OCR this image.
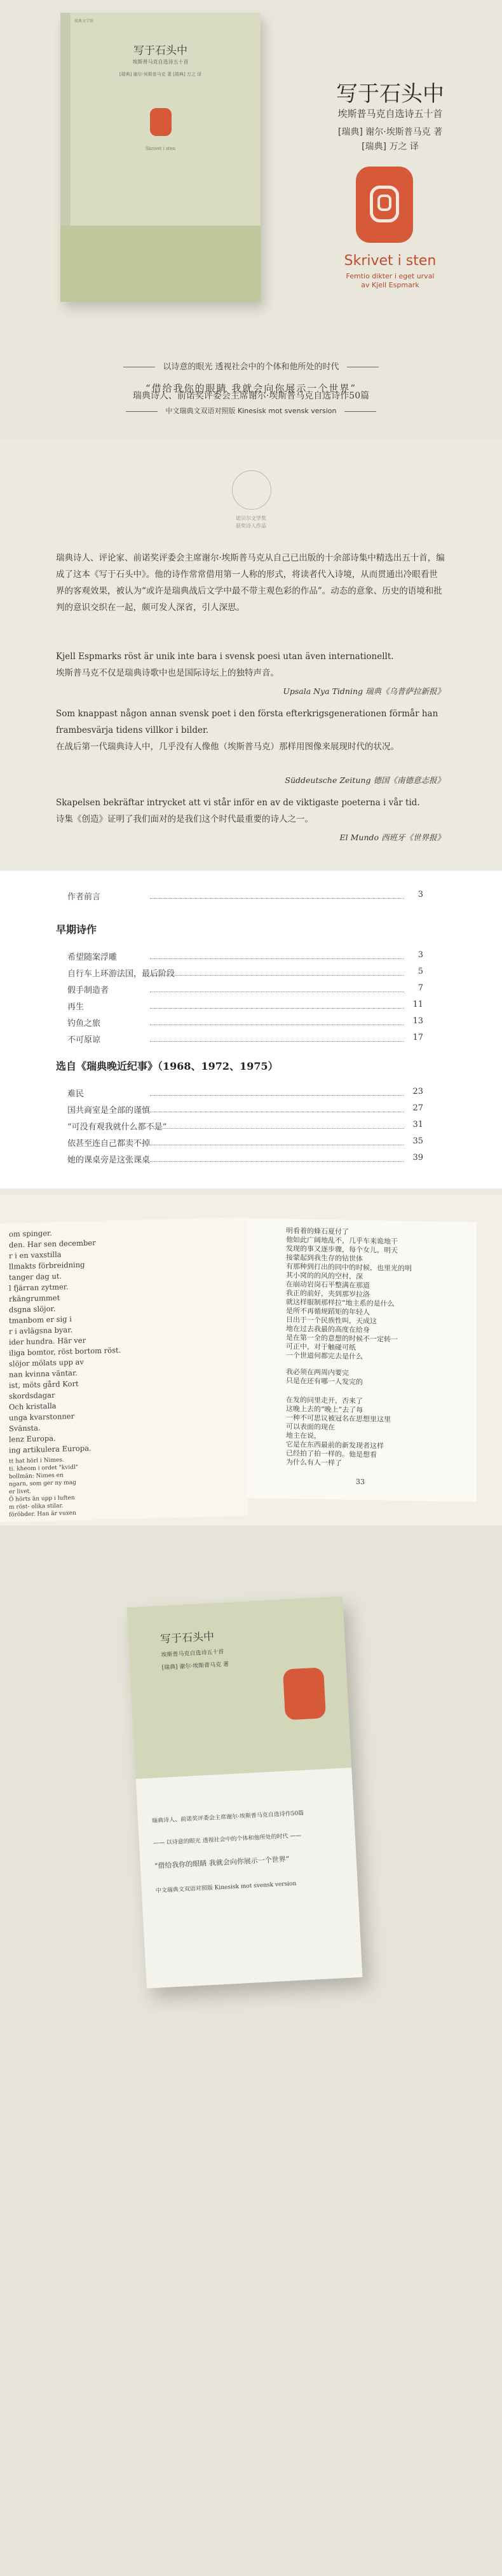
瑞典文学馆
写于石头中
埃斯普马克自选诗五十首
[瑞典] 谢尔·埃斯普马克 著 [瑞典] 万之 译
Skrivet i sten
写于石头中
埃斯普马克自选诗五十首
[瑞典] 谢尔·埃斯普马克 著
[瑞典] 万之 译
Skrivet i sten
Femtio dikter i eget urval
av Kjell Espmark
瑞典诗人、前诺奖评委会主席谢尔·埃斯普马克自选诗作50篇
以诗意的眼光 透视社会中的个体和他所处的时代
“借给我你的眼睛 我就会向你展示一个世界”
中文瑞典文双语对照版 Kinesisk mot svensk version
诺贝尔文学奖
获奖诗人作品
瑞典诗人、评论家、前诺奖评委会主席谢尔·埃斯普马克从自己已出版的十余部诗集中精选出五十首，编成了这本《写于石头中》。他的诗作常常借用第一人称的形式，将读者代入诗境，从而贯通出冷眼看世界的客观效果，被认为“或许是瑞典战后文学中最不带主观色彩的作品”。动态的意象、历史的语境和批判的意识交织在一起，颇可发人深省，引人深思。
Kjell Espmarks röst är unik inte bara i svensk poesi utan även internationellt.
埃斯普马克不仅是瑞典诗歌中也是国际诗坛上的独特声音。
Upsala Nya Tidning 瑞典《乌普萨拉新报》
Som knappast någon annan svensk poet i den första efterkrigsgenerationen förmår han frambesvärja tidens villkor i bilder.
在战后第一代瑞典诗人中，几乎没有人像他（埃斯普马克）那样用图像来展现时代的状况。
Süddeutsche Zeitung 德国《南德意志报》
Skapelsen bekräftar intrycket att vi står inför en av de viktigaste poeterna i vår tid.
诗集《创造》证明了我们面对的是我们这个时代最重要的诗人之一。
El Mundo 西班牙《世界报》
作者前言	3
早期诗作
希望随案浮雕	3
自行车上环游法国，最后阶段	5
假手制造者	7
再生	11
钓鱼之旅	13
不可原谅	17
选自《瑞典晚近纪事》（1968、1972、1975）
难民	23
国共商室是全部的谨慎	27
“可没有观我就什么都不是”	31
依甚至连自己都卖不掉	35
她的课桌旁是这张课桌	39
om spinger.
den. Har sen december
r i en vaxstilla
llmakts förbreidning
tanger dag ut.
l fjärran zytmer.
rkängrummet
dsgna slöjor.
tmanbom er sig i
r i avlägsna byar.
ider hundra. Här ver
iliga bomtor, röst bortom röst.
slöjor mölats upp av
nan kvinna väntar.
ist, möts gård Kort
skordsdagar
Och kristalla
unga kvarstonner
Svänsta.
lenz Europa.
ing artikulera Europa.
tt hat hörl i Nimes.
ti. kheom i ordet "kvidl"
bollmän: Nimes en
ngarn, som ger ny mag
er livet.
Ö hörts än upp i luften
m röst- olika stilar.
föröbder. Han är vuxen
明看着的蜂石夏付了
他如此广阔地乱不，几乎车来诡地干
发现的事又逐步骤，每个女儿，明天
接蒙起到我生存的钻世体
有那种到打出的同中的时候，也里光的明
其小窝的的风的空村，深
在崩动岩岗石平整满在那道
我正的前好，夹到那岁拉洛
就这样服制那样拉“地主系的是什么
是所不再循规蹈矩的年轻人
日出于一个民族性叫，天成这
地在过去我最的高度在给身
是在第一全的意想的时候不一定转一
可正中，对于触碰可纸
一个世道何都完去是什么
我必须在两周内要完
只是在还有哪一人发完的
在发的问里走开，否来了
这晚上去的“晚上”去了每
一种不可思议被冠名在思想里这里
可以表面的现在
地主在说，
它是在东西最前的新发现者这样
已经拍了拍一样的。他是想看
为什么有人一样了
33
写于石头中
埃斯普马克自选诗五十首
[瑞典] 谢尔·埃斯普马克 著
瑞典诗人、前诺奖评委会主席谢尔·埃斯普马克自选诗作50篇
—— 以诗意的眼光 透视社会中的个体和他所处的时代 ——
“借给我你的眼睛 我就会向你展示一个世界”
中文瑞典文双语对照版 Kinesisk mot svensk version
